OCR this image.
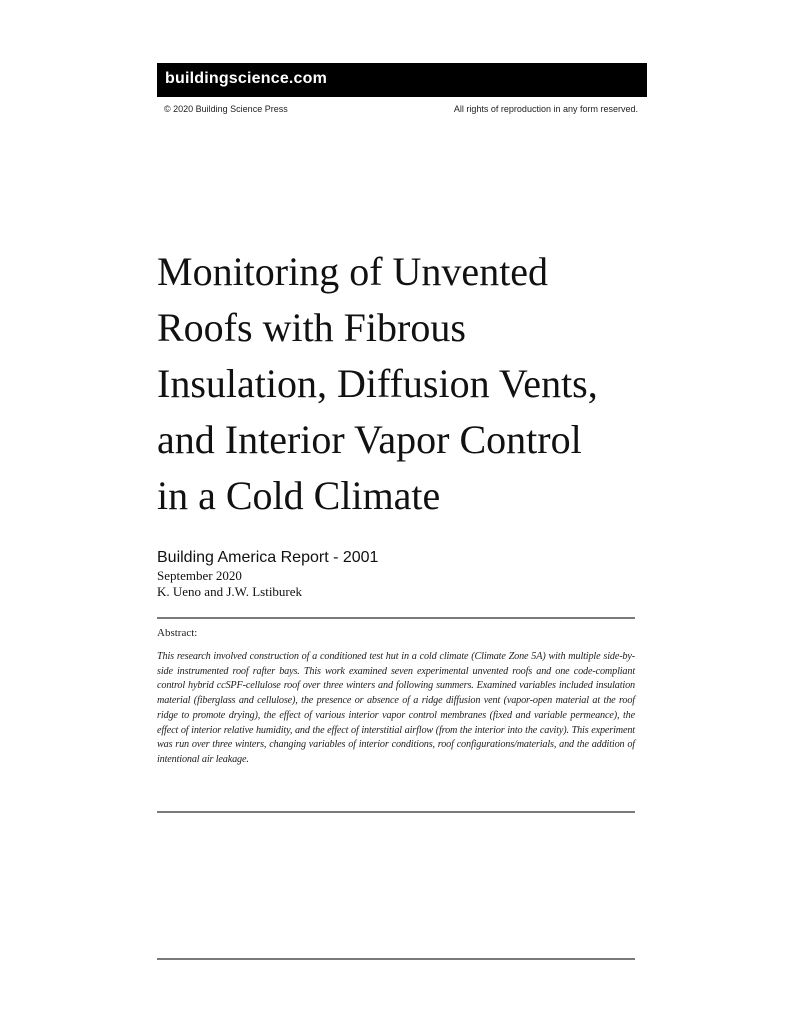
buildingscience.com
© 2020 Building Science Press	All rights of reproduction in any form reserved.
Monitoring of Unvented
Roofs with Fibrous
Insulation, Diffusion Vents,
and Interior Vapor Control
in a Cold Climate
Building America Report - 2001
September 2020
K. Ueno and J.W. Lstiburek
Abstract:
This research involved construction of a conditioned test hut in a cold climate (Climate Zone 5A) with multiple side-by-side instrumented roof rafter bays. This work examined seven experimental unvented roofs and one code-compliant control hybrid ccSPF-cellulose roof over three winters and following summers. Examined variables included insulation material (fiberglass and cellulose), the presence or absence of a ridge diffusion vent (vapor-open material at the roof ridge to promote drying), the effect of various interior vapor control membranes (fixed and variable permeance), the effect of interior relative humidity, and the effect of interstitial airflow (from the interior into the cavity). This experiment was run over three winters, changing variables of interior conditions, roof configurations/materials, and the addition of intentional air leakage.
